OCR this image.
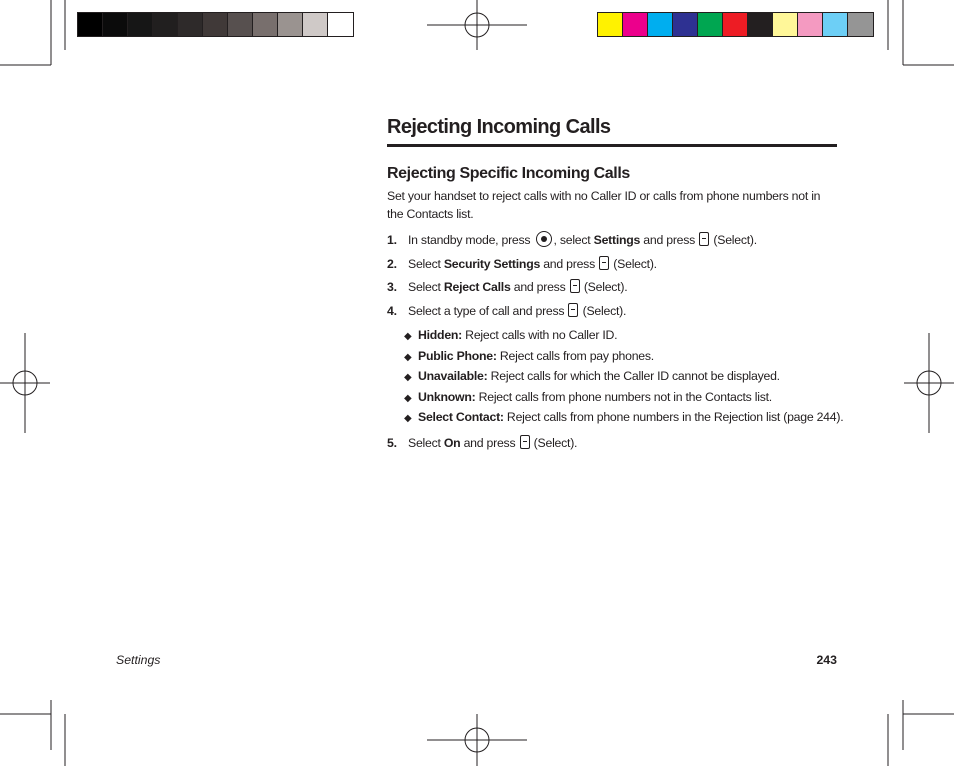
Rejecting Incoming Calls
Rejecting Specific Incoming Calls
Set your handset to reject calls with no Caller ID or calls from phone numbers not in the Contacts list.
1. In standby mode, press , select Settings and press  (Select).
2. Select Security Settings and press  (Select).
3. Select Reject Calls and press  (Select).
4. Select a type of call and press  (Select).
◆ Hidden: Reject calls with no Caller ID.
◆ Public Phone: Reject calls from pay phones.
◆ Unavailable: Reject calls for which the Caller ID cannot be displayed.
◆ Unknown: Reject calls from phone numbers not in the Contacts list.
◆ Select Contact: Reject calls from phone numbers in the Rejection list (page 244).
5. Select On and press  (Select).
Settings	243
